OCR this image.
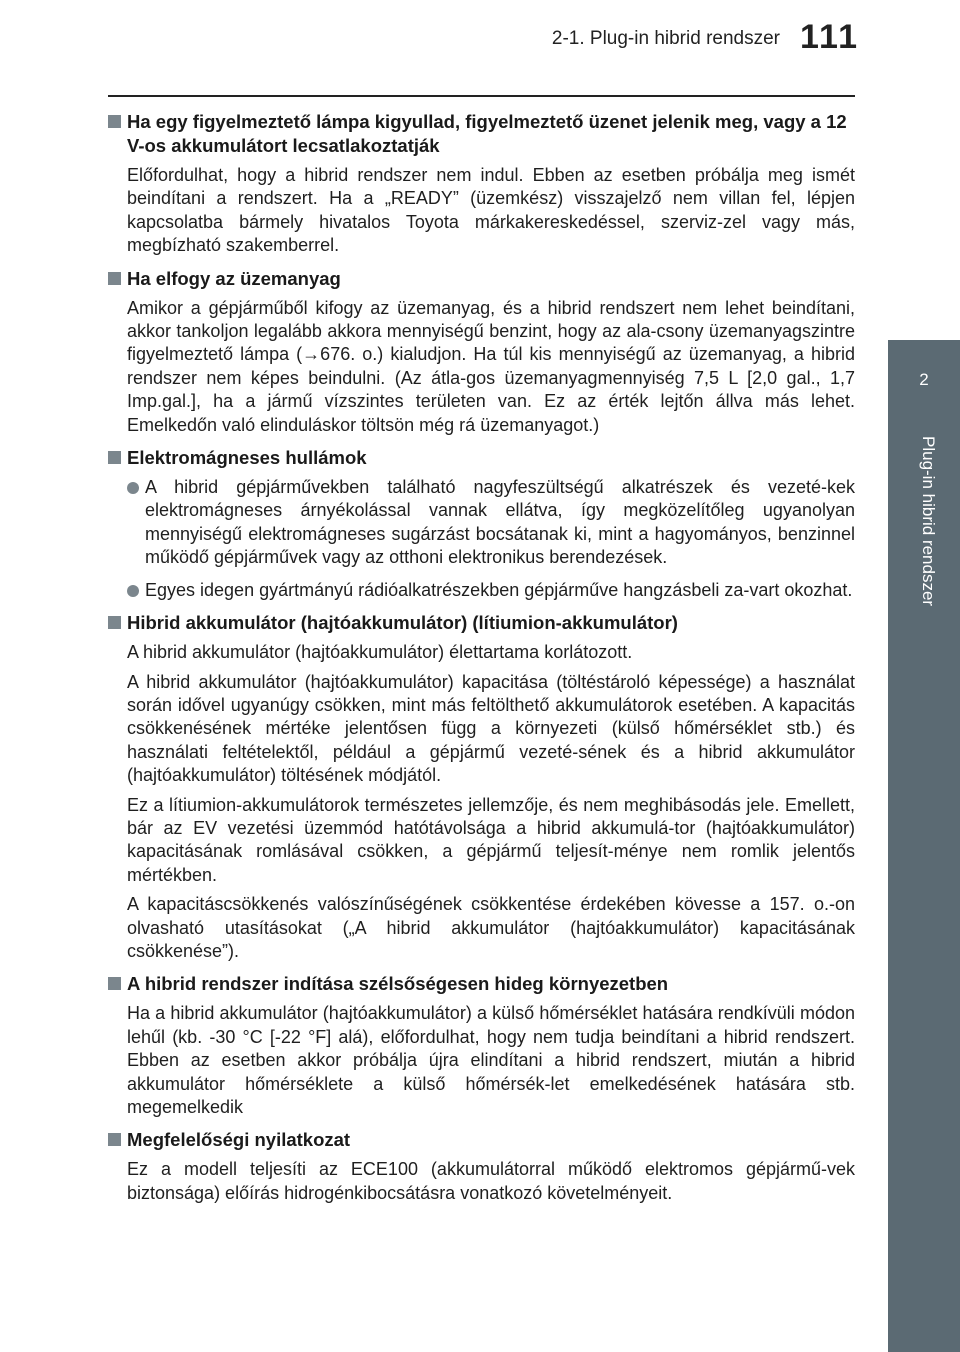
2-1. Plug-in hibrid rendszer 111
2
Plug-in hibrid rendszer
Ha egy figyelmeztető lámpa kigyullad, figyelmeztető üzenet jelenik meg, vagy a 12 V-os akkumulátort lecsatlakoztatják
Előfordulhat, hogy a hibrid rendszer nem indul. Ebben az esetben próbálja meg ismét beindítani a rendszert. Ha a „READY” (üzemkész) visszajelző nem villan fel, lépjen kapcsolatba bármely hivatalos Toyota márkakereskedéssel, szerviz-zel vagy más, megbízható szakemberrel.
Ha elfogy az üzemanyag
Amikor a gépjárműből kifogy az üzemanyag, és a hibrid rendszert nem lehet beindítani, akkor tankoljon legalább akkora mennyiségű benzint, hogy az ala-csony üzemanyagszintre figyelmeztető lámpa (→676. o.) kialudjon. Ha túl kis mennyiségű az üzemanyag, a hibrid rendszer nem képes beindulni. (Az átla-gos üzemanyagmennyiség 7,5 L [2,0 gal., 1,7 Imp.gal.], ha a jármű vízszintes területen van. Ez az érték lejtőn állva más lehet. Emelkedőn való elinduláskor töltsön még rá üzemanyagot.)
Elektromágneses hullámok
A hibrid gépjárművekben található nagyfeszültségű alkatrészek és vezeté-kek elektromágneses árnyékolással vannak ellátva, így megközelítőleg ugyanolyan mennyiségű elektromágneses sugárzást bocsátanak ki, mint a hagyományos, benzinnel működő gépjárművek vagy az otthoni elektronikus berendezések.
Egyes idegen gyártmányú rádióalkatrészekben gépjárműve hangzásbeli za-vart okozhat.
Hibrid akkumulátor (hajtóakkumulátor) (lítiumion-akkumulátor)
A hibrid akkumulátor (hajtóakkumulátor) élettartama korlátozott.
A hibrid akkumulátor (hajtóakkumulátor) kapacitása (töltéstároló képessége) a használat során idővel ugyanúgy csökken, mint más feltölthető akkumulátorok esetében. A kapacitás csökkenésének mértéke jelentősen függ a környezeti (külső hőmérséklet stb.) és használati feltételektől, például a gépjármű vezeté-sének és a hibrid akkumulátor (hajtóakkumulátor) töltésének módjától.
Ez a lítiumion-akkumulátorok természetes jellemzője, és nem meghibásodás jele. Emellett, bár az EV vezetési üzemmód hatótávolsága a hibrid akkumulá-tor (hajtóakkumulátor) kapacitásának romlásával csökken, a gépjármű teljesít-ménye nem romlik jelentős mértékben.
A kapacitáscsökkenés valószínűségének csökkentése érdekében kövesse a 157. o.-on olvasható utasításokat („A hibrid akkumulátor (hajtóakkumulátor) kapacitásának csökkenése”).
A hibrid rendszer indítása szélsőségesen hideg környezetben
Ha a hibrid akkumulátor (hajtóakkumulátor) a külső hőmérséklet hatására rendkívüli módon lehűl (kb. -30 °C [-22 °F] alá), előfordulhat, hogy nem tudja beindítani a hibrid rendszert. Ebben az esetben akkor próbálja újra elindítani a hibrid rendszert, miután a hibrid akkumulátor hőmérséklete a külső hőmérsék-let emelkedésének hatására stb. megemelkedik
Megfelelőségi nyilatkozat
Ez a modell teljesíti az ECE100 (akkumulátorral működő elektromos gépjármű-vek biztonsága) előírás hidrogénkibocsátásra vonatkozó követelményeit.
